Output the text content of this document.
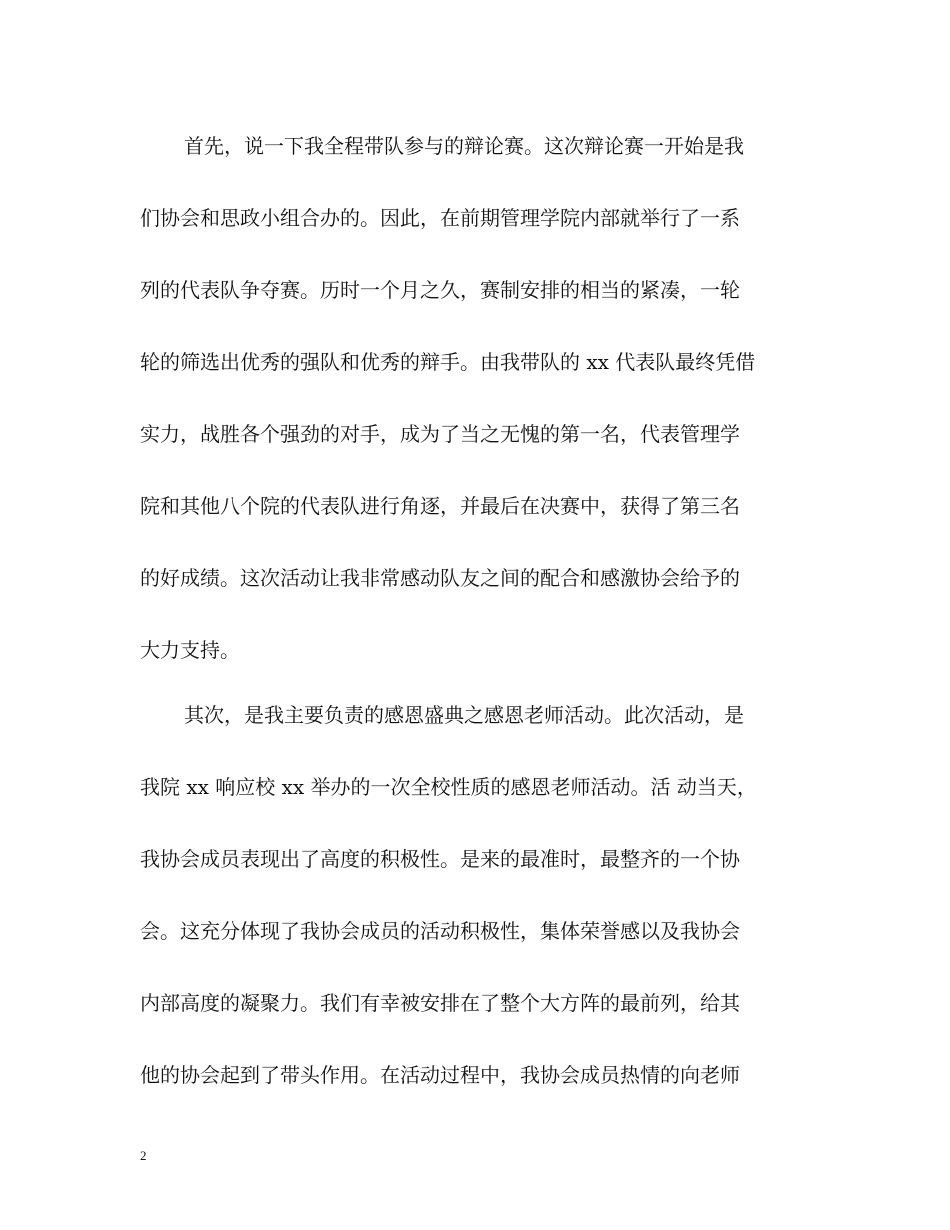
首先，说一下我全程带队参与的辩论赛。这次辩论赛一开始是我
们协会和思政小组合办的。因此，在前期管理学院内部就举行了一系
列的代表队争夺赛。历时一个月之久，赛制安排的相当的紧凑，一轮
轮的筛选出优秀的强队和优秀的辩手。由我带队的 xx 代表队最终凭借
实力，战胜各个强劲的对手，成为了当之无愧的第一名，代表管理学
院和其他八个院的代表队进行角逐，并最后在决赛中，获得了第三名
的好成绩。这次活动让我非常感动队友之间的配合和感激协会给予的
大力支持。
其次，是我主要负责的感恩盛典之感恩老师活动。此次活动，是
我院 xx 响应校 xx 举办的一次全校性质的感恩老师活动。活 动当天，
我协会成员表现出了高度的积极性。是来的最准时，最整齐的一个协
会。这充分体现了我协会成员的活动积极性，集体荣誉感以及我协会
内部高度的凝聚力。我们有幸被安排在了整个大方阵的最前列，给其
他的协会起到了带头作用。在活动过程中，我协会成员热情的向老师
2
